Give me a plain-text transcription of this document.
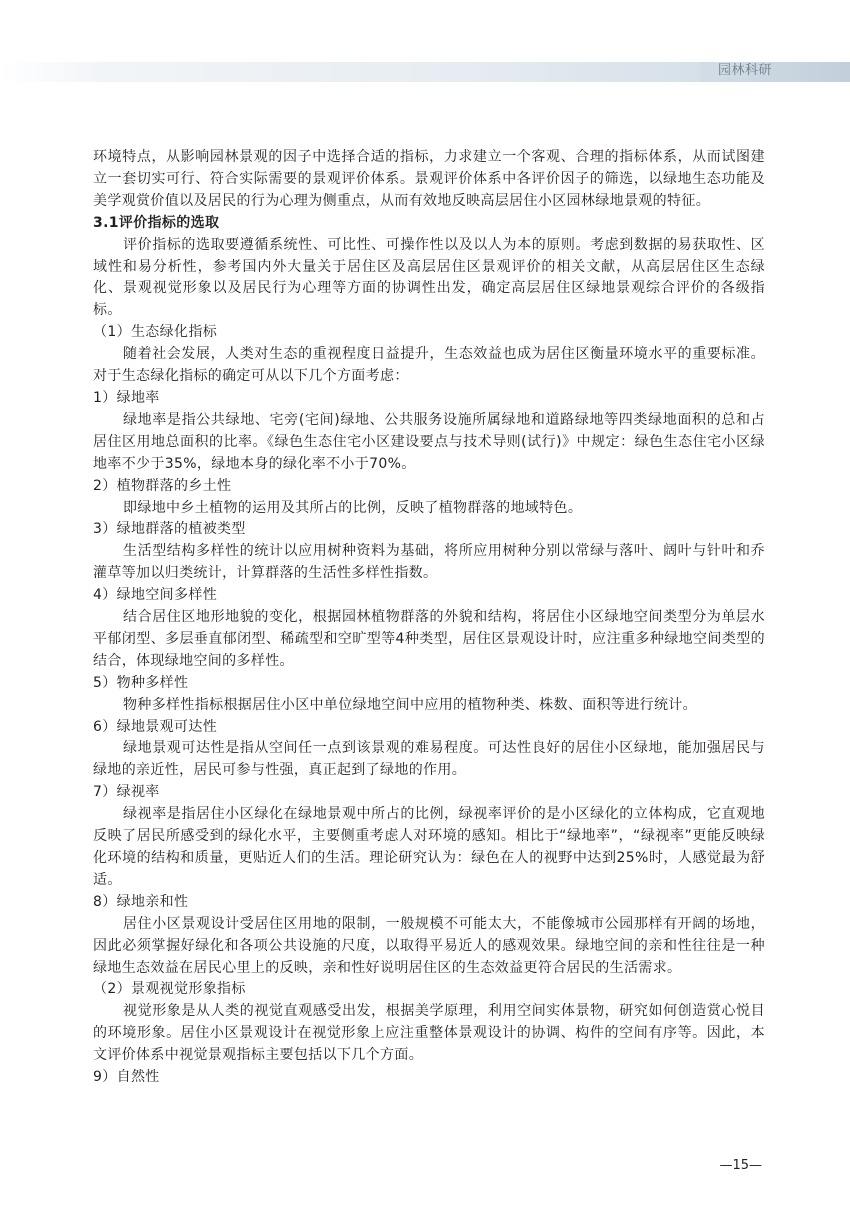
园林科研

环境特点，从影响园林景观的因子中选择合适的指标，力求建立一个客观、合理的指标体系，从而试图建立一套切实可行、符合实际需要的景观评价体系。景观评价体系中各评价因子的筛选，以绿地生态功能及美学观赏价值以及居民的行为心理为侧重点，从而有效地反映高层居住小区园林绿地景观的特征。

3.1评价指标的选取

评价指标的选取要遵循系统性、可比性、可操作性以及以人为本的原则。考虑到数据的易获取性、区域性和易分析性，参考国内外大量关于居住区及高层居住区景观评价的相关文献，从高层居住区生态绿化、景观视觉形象以及居民行为心理等方面的协调性出发，确定高层居住区绿地景观综合评价的各级指标。

（1）生态绿化指标

随着社会发展，人类对生态的重视程度日益提升，生态效益也成为居住区衡量环境水平的重要标准。对于生态绿化指标的确定可从以下几个方面考虑：

1）绿地率

绿地率是指公共绿地、宅旁(宅间)绿地、公共服务设施所属绿地和道路绿地等四类绿地面积的总和占居住区用地总面积的比率。《绿色生态住宅小区建设要点与技术导则(试行)》中规定：绿色生态住宅小区绿地率不少于35%，绿地本身的绿化率不小于70%。

2）植物群落的乡土性

即绿地中乡土植物的运用及其所占的比例，反映了植物群落的地域特色。

3）绿地群落的植被类型

生活型结构多样性的统计以应用树种资料为基础，将所应用树种分别以常绿与落叶、阔叶与针叶和乔灌草等加以归类统计，计算群落的生活性多样性指数。

4）绿地空间多样性

结合居住区地形地貌的变化，根据园林植物群落的外貌和结构，将居住小区绿地空间类型分为单层水平郁闭型、多层垂直郁闭型、稀疏型和空旷型等4种类型，居住区景观设计时，应注重多种绿地空间类型的结合，体现绿地空间的多样性。

5）物种多样性

物种多样性指标根据居住小区中单位绿地空间中应用的植物种类、株数、面积等进行统计。

6）绿地景观可达性

绿地景观可达性是指从空间任一点到该景观的难易程度。可达性良好的居住小区绿地，能加强居民与绿地的亲近性，居民可参与性强，真正起到了绿地的作用。

7）绿视率

绿视率是指居住小区绿化在绿地景观中所占的比例，绿视率评价的是小区绿化的立体构成，它直观地反映了居民所感受到的绿化水平，主要侧重考虑人对环境的感知。相比于“绿地率”，“绿视率”更能反映绿化环境的结构和质量，更贴近人们的生活。理论研究认为：绿色在人的视野中达到25%时，人感觉最为舒适。

8）绿地亲和性

居住小区景观设计受居住区用地的限制，一般规模不可能太大，不能像城市公园那样有开阔的场地，因此必须掌握好绿化和各项公共设施的尺度，以取得平易近人的感观效果。绿地空间的亲和性往往是一种绿地生态效益在居民心里上的反映，亲和性好说明居住区的生态效益更符合居民的生活需求。

（2）景观视觉形象指标

视觉形象是从人类的视觉直观感受出发，根据美学原理，利用空间实体景物，研究如何创造赏心悦目的环境形象。居住小区景观设计在视觉形象上应注重整体景观设计的协调、构件的空间有序等。因此，本文评价体系中视觉景观指标主要包括以下几个方面。

9）自然性

—15—
